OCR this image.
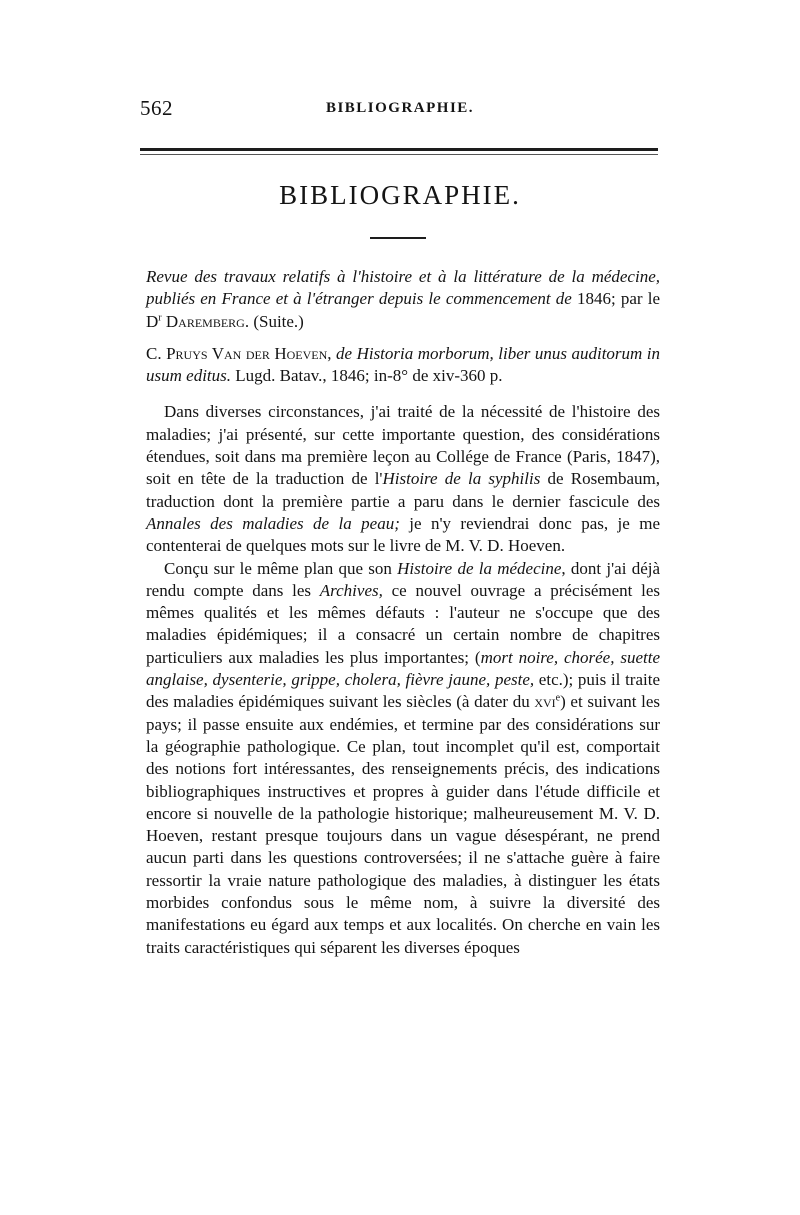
562	BIBLIOGRAPHIE.
BIBLIOGRAPHIE.

Revue des travaux relatifs à l'histoire et à la littérature de la médecine, publiés en France et à l'étranger depuis le commencement de 1846; par le $D^r$ Daremberg. (Suite.)

C. Pruys Van der Hoeven, de Historia morborum, liber unus auditorum in usum editus. Lugd. Batav., 1846; in-8° de xiv-360 p.

Dans diverses circonstances, j'ai traité de la nécessité de l'histoire des maladies; j'ai présenté, sur cette importante question, des considérations étendues, soit dans ma première leçon au Collége de France (Paris, 1847), soit en tête de la traduction de l'Histoire de la syphilis de Rosembaum, traduction dont la première partie a paru dans le dernier fascicule des Annales des maladies de la peau; je n'y reviendrai donc pas, je me contenterai de quelques mots sur le livre de M. V. D. Hoeven.

Conçu sur le même plan que son Histoire de la médecine, dont j'ai déjà rendu compte dans les Archives, ce nouvel ouvrage a précisément les mêmes qualités et les mêmes défauts : l'auteur ne s'occupe que des maladies épidémiques; il a consacré un certain nombre de chapitres particuliers aux maladies les plus importantes; (mort noire, chorée, suette anglaise, dysenterie, grippe, cholera, fièvre jaune, peste, etc.); puis il traite des maladies épidémiques suivant les siècles (à dater du xvi$^e$) et suivant les pays; il passe ensuite aux endémies, et termine par des considérations sur la géographie pathologique. Ce plan, tout incomplet qu'il est, comportait des notions fort intéressantes, des renseignements précis, des indications bibliographiques instructives et propres à guider dans l'étude difficile et encore si nouvelle de la pathologie historique; malheureusement M. V. D. Hoeven, restant presque toujours dans un vague désespérant, ne prend aucun parti dans les questions controversées; il ne s'attache guère à faire ressortir la vraie nature pathologique des maladies, à distinguer les états morbides confondus sous le même nom, à suivre la diversité des manifestations eu égard aux temps et aux localités. On cherche en vain les traits caractéristiques qui séparent les diverses époques
